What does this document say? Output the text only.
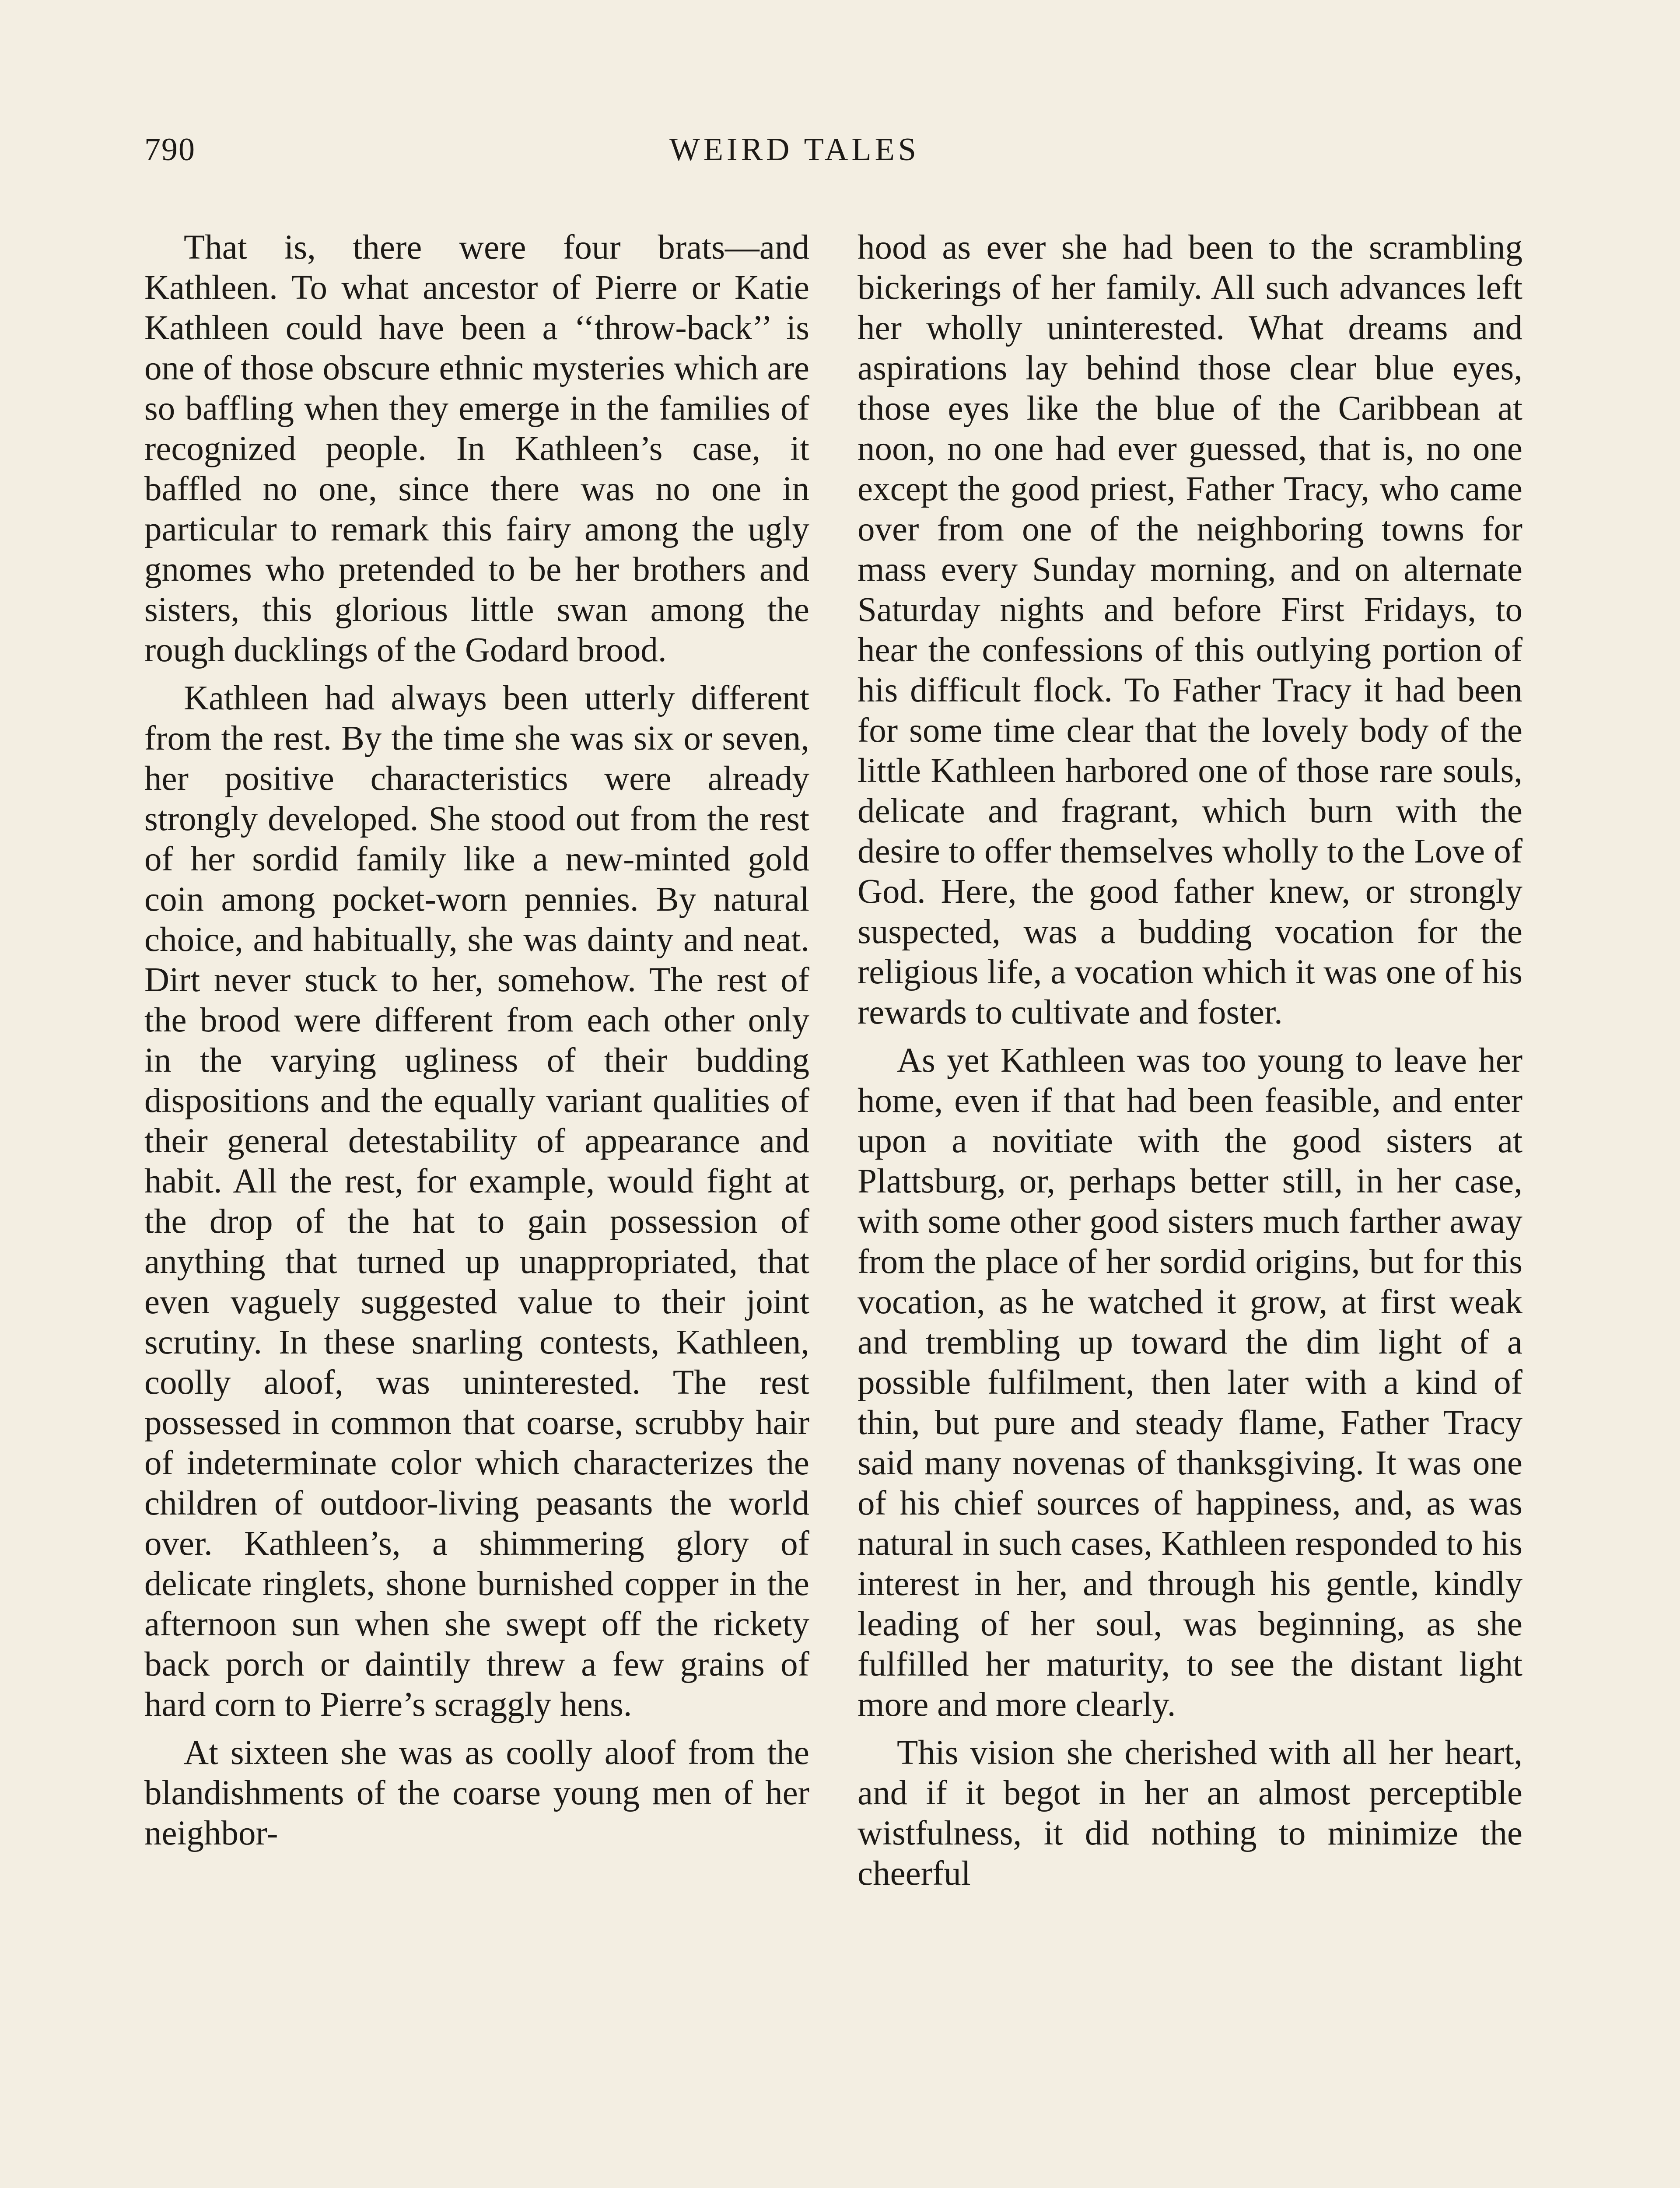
790	WEIRD TALES

That is, there were four brats—and Kathleen. To what ancestor of Pierre or Katie Kathleen could have been a ‘‘throw-back’’ is one of those obscure ethnic mysteries which are so baffling when they emerge in the families of recognized people. In Kathleen’s case, it baffled no one, since there was no one in particular to remark this fairy among the ugly gnomes who pretended to be her brothers and sisters, this glorious little swan among the rough ducklings of the Godard brood.

Kathleen had always been utterly different from the rest. By the time she was six or seven, her positive characteristics were already strongly developed. She stood out from the rest of her sordid family like a new-minted gold coin among pocket-worn pennies. By natural choice, and habitually, she was dainty and neat. Dirt never stuck to her, somehow. The rest of the brood were different from each other only in the varying ugliness of their budding dispositions and the equally variant qualities of their general detestability of appearance and habit. All the rest, for example, would fight at the drop of the hat to gain possession of anything that turned up unappropriated, that even vaguely suggested value to their joint scrutiny. In these snarling contests, Kathleen, coolly aloof, was uninterested. The rest possessed in common that coarse, scrubby hair of indeterminate color which characterizes the children of outdoor-living peasants the world over. Kathleen’s, a shimmering glory of delicate ringlets, shone burnished copper in the afternoon sun when she swept off the rickety back porch or daintily threw a few grains of hard corn to Pierre’s scraggly hens.

At sixteen she was as coolly aloof from the blandishments of the coarse young men of her neighbor-

hood as ever she had been to the scrambling bickerings of her family. All such advances left her wholly uninterested. What dreams and aspirations lay behind those clear blue eyes, those eyes like the blue of the Caribbean at noon, no one had ever guessed, that is, no one except the good priest, Father Tracy, who came over from one of the neighboring towns for mass every Sunday morning, and on alternate Saturday nights and before First Fridays, to hear the confessions of this outlying portion of his difficult flock. To Father Tracy it had been for some time clear that the lovely body of the little Kathleen harbored one of those rare souls, delicate and fragrant, which burn with the desire to offer themselves wholly to the Love of God. Here, the good father knew, or strongly suspected, was a budding vocation for the religious life, a vocation which it was one of his rewards to cultivate and foster.

As yet Kathleen was too young to leave her home, even if that had been feasible, and enter upon a novitiate with the good sisters at Plattsburg, or, perhaps better still, in her case, with some other good sisters much farther away from the place of her sordid origins, but for this vocation, as he watched it grow, at first weak and trembling up toward the dim light of a possible fulfilment, then later with a kind of thin, but pure and steady flame, Father Tracy said many novenas of thanksgiving. It was one of his chief sources of happiness, and, as was natural in such cases, Kathleen responded to his interest in her, and through his gentle, kindly leading of her soul, was beginning, as she fulfilled her maturity, to see the distant light more and more clearly.

This vision she cherished with all her heart, and if it begot in her an almost perceptible wistfulness, it did nothing to minimize the cheerful
